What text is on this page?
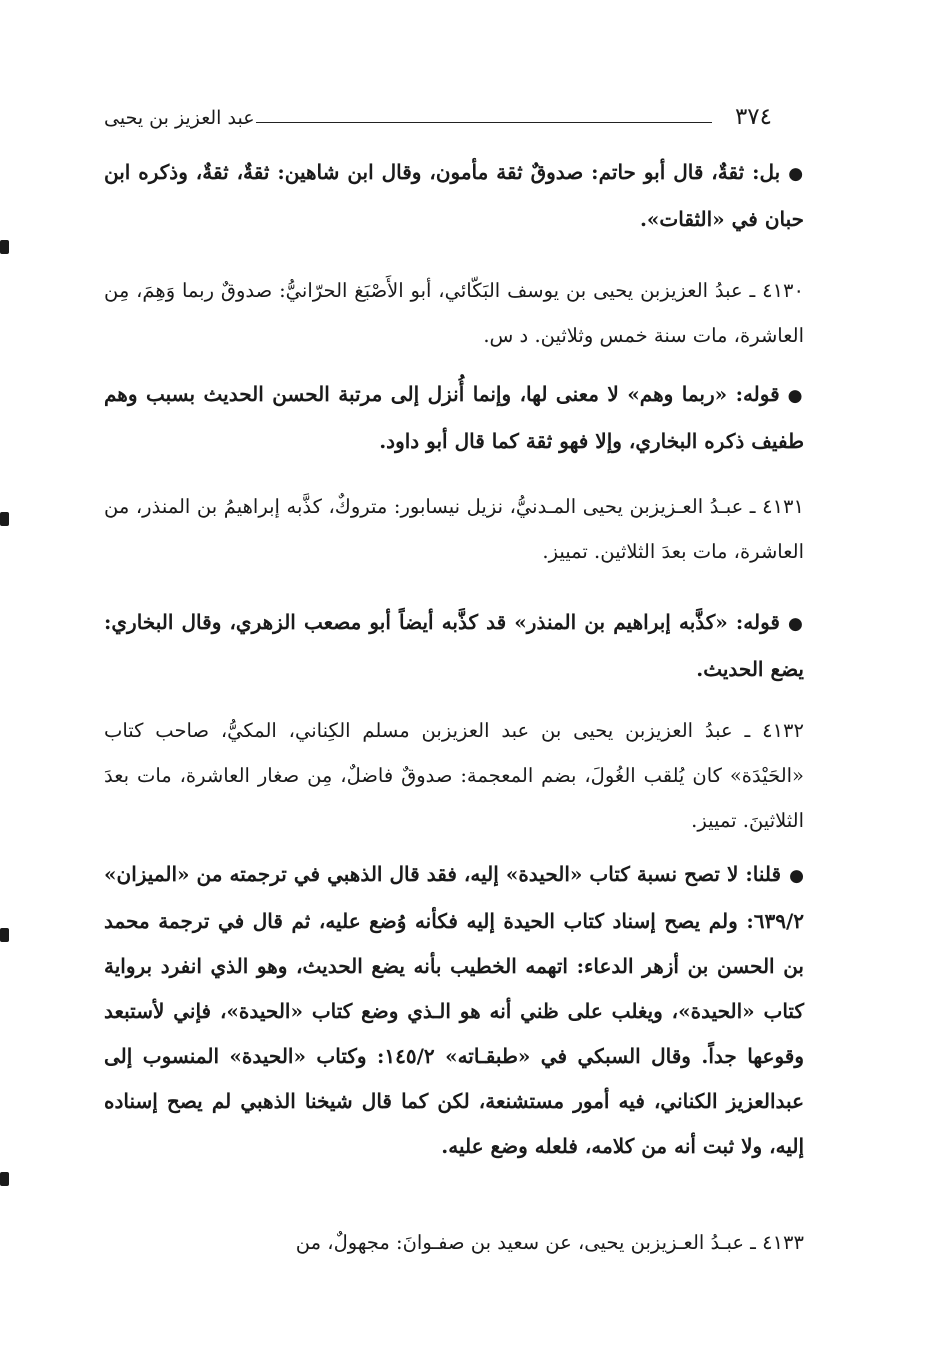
٣٧٤
عبد العزيز بن يحيى
● بل: ثقةٌ، قال أبو حاتم: صدوقٌ ثقة مأمون، وقال ابن شاهين: ثقةٌ، ثقةٌ، وذكره ابن حبان في «الثقات».
٤١٣٠ ـ عبدُ العزيزبن يحيى بن يوسف البَكّائي، أبو الأَصْبَغ الحرّانيُّ: صدوقٌ ربما وَهِمَ، مِن العاشرة، مات سنة خمس وثلاثين. د س.
● قوله: «ربما وهم» لا معنى لها، وإنما أُنزل إلى مرتبة الحسن الحديث بسبب وهم طفيف ذكره البخاري، وإلا فهو ثقة كما قال أبو داود.
٤١٣١ ـ عبـدُ العـزيزبن يحيى المـدنيُّ، نزيل نيسابور: متروكٌ، كذَّبه إبراهيمُ بن المنذر، من العاشرة، مات بعدَ الثلاثين. تمييز.
● قوله: «كذَّبه إبراهيم بن المنذر» قد كذَّبه أيضاً أبو مصعب الزهري، وقال البخاري: يضع الحديث.
٤١٣٢ ـ عبدُ العزيزبن يحيى بن عبد العزيزبن مسلم الكِناني، المكيُّ، صاحب كتاب «الحَيْدَة» كان يُلقب الغُولَ، بضم المعجمة: صدوقٌ فاضلٌ، مِن صغار العاشرة، مات بعدَ الثلاثينَ. تمييز.
● قلنا: لا تصح نسبة كتاب «الحيدة» إليه، فقد قال الذهبي في ترجمته من «الميزان» ٦٣٩/٢: ولم يصح إسناد كتاب الحيدة إليه فكأنه وُضع عليه، ثم قال في ترجمة محمد بن الحسن بن أزهر الدعاء: اتهمه الخطيب بأنه يضع الحديث، وهو الذي انفرد برواية كتاب «الحيدة»، ويغلب على ظني أنه هو الـذي وضع كتاب «الحيدة»، فإني لأستبعد وقوعها جداً. وقال السبكي في «طبقـاته» ١٤٥/٢: وكتاب «الحيدة» المنسوب إلى عبدالعزيز الكناني، فيه أمور مستشنعة، لكن كما قال شيخنا الذهبي لم يصح إسناده إليه، ولا ثبت أنه من كلامه، فلعله وضع عليه.
٤١٣٣ ـ عبـدُ العـزيزبن يحيى، عن سعيد بن صفـوانَ: مجهولٌ، من
